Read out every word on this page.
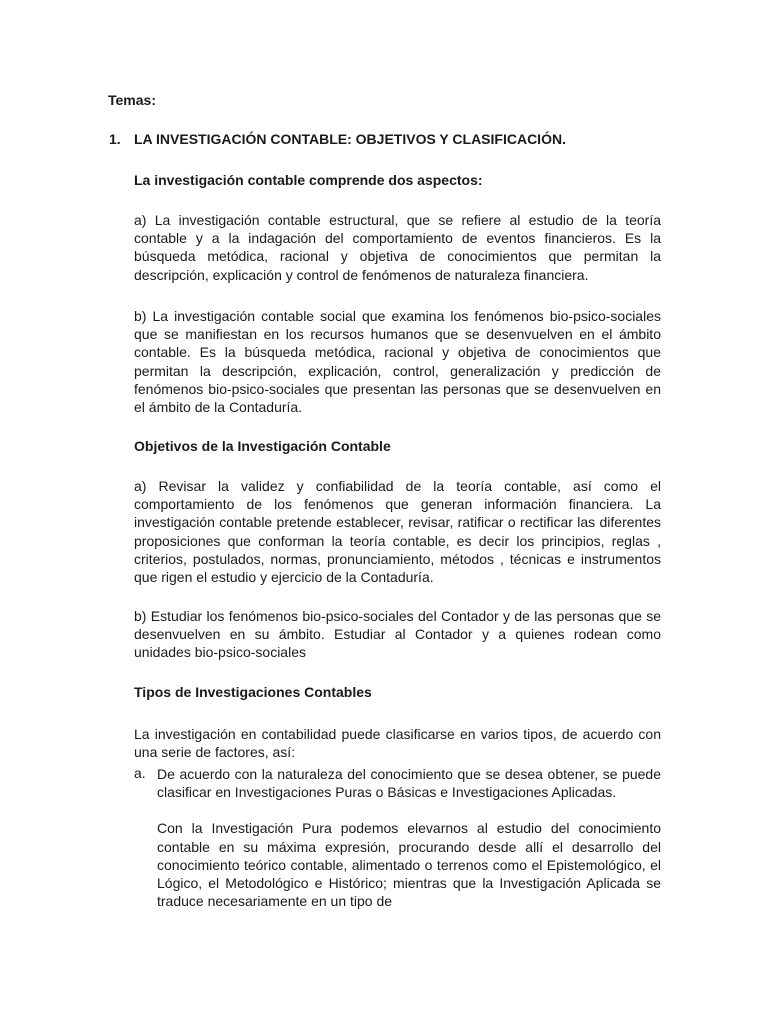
Temas:
1. LA INVESTIGACIÓN CONTABLE: OBJETIVOS Y CLASIFICACIÓN.

La investigación contable comprende dos aspectos:

a) La investigación contable estructural, que se refiere al estudio de la teoría contable y a la indagación del comportamiento de eventos financieros. Es la búsqueda metódica, racional y objetiva de conocimientos que permitan la descripción, explicación y control de fenómenos de naturaleza financiera.

b) La investigación contable social que examina los fenómenos bio-psico-sociales que se manifiestan en los recursos humanos que se desenvuelven en el ámbito contable. Es la búsqueda metódica, racional y objetiva de conocimientos que permitan la descripción, explicación, control, generalización y predicción de fenómenos bio-psico-sociales que presentan las personas que se desenvuelven en el ámbito de la Contaduría.

Objetivos de la Investigación Contable

a) Revisar la validez y confiabilidad de la teoría contable, así como el comportamiento de los fenómenos que generan información financiera. La investigación contable pretende establecer, revisar, ratificar o rectificar las diferentes proposiciones que conforman la teoría contable, es decir los principios, reglas , criterios, postulados, normas, pronunciamiento, métodos , técnicas e instrumentos que rigen el estudio y ejercicio de la Contaduría.

b) Estudiar los fenómenos bio-psico-sociales del Contador y de las personas que se desenvuelven en su ámbito. Estudiar al Contador y a quienes rodean como unidades bio-psico-sociales

Tipos de Investigaciones Contables

La investigación en contabilidad puede clasificarse en varios tipos, de acuerdo con una serie de factores, así:

a. De acuerdo con la naturaleza del conocimiento que se desea obtener, se puede clasificar en Investigaciones Puras o Básicas e Investigaciones Aplicadas.

Con la Investigación Pura podemos elevarnos al estudio del conocimiento contable en su máxima expresión, procurando desde allí el desarrollo del conocimiento teórico contable, alimentado o terrenos como el Epistemológico, el Lógico, el Metodológico e Histórico; mientras que la Investigación Aplicada se traduce necesariamente en un tipo de
